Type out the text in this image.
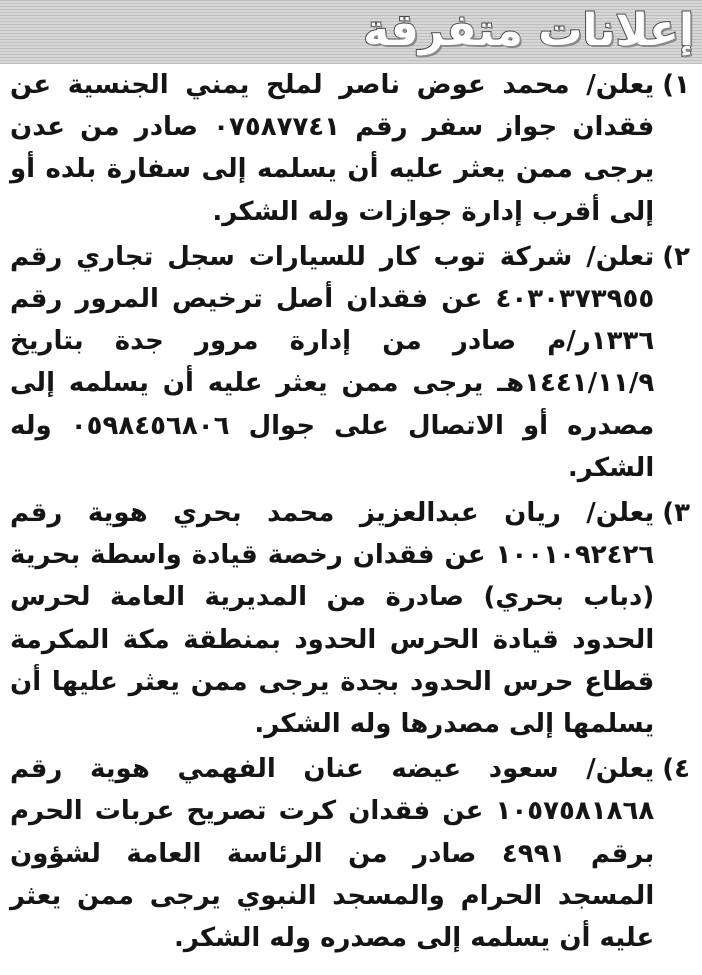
إعلانات متفرقة
١)
يعلن/ محمد عوض ناصر لملح يمني الجنسية عن فقدان جواز سفر رقم ٠٧٥٨٧٧٤١ صادر من عدن يرجى ممن يعثر عليه أن يسلمه إلى سفارة بلده أو إلى أقرب إدارة جوازات وله الشكر.
٢)
تعلن/ شركة توب كار للسيارات سجل تجاري رقم ٤٠٣٠٣٧٣٩٥٥ عن فقدان أصل ترخيص المرور رقم ١٣٣٦ر/م صادر من إدارة مرور جدة بتاريخ ١٤٤١/١١/٩هـ يرجى ممن يعثر عليه أن يسلمه إلى مصدره أو الاتصال على جوال ٠٥٩٨٤٥٦٨٠٦ وله الشكر.
٣)
يعلن/ ريان عبدالعزيز محمد بحري هوية رقم ١٠٠١٠٩٢٤٢٦ عن فقدان رخصة قيادة واسطة بحرية (دباب بحري) صادرة من المديرية العامة لحرس الحدود قيادة الحرس الحدود بمنطقة مكة المكرمة قطاع حرس الحدود بجدة يرجى ممن يعثر عليها أن يسلمها إلى مصدرها وله الشكر.
٤)
يعلن/ سعود عيضه عنان الفهمي هوية رقم ١٠٥٧٥٨١٨٦٨ عن فقدان كرت تصريح عربات الحرم برقم ٤٩٩١ صادر من الرئاسة العامة لشؤون المسجد الحرام والمسجد النبوي يرجى ممن يعثر عليه أن يسلمه إلى مصدره وله الشكر.
